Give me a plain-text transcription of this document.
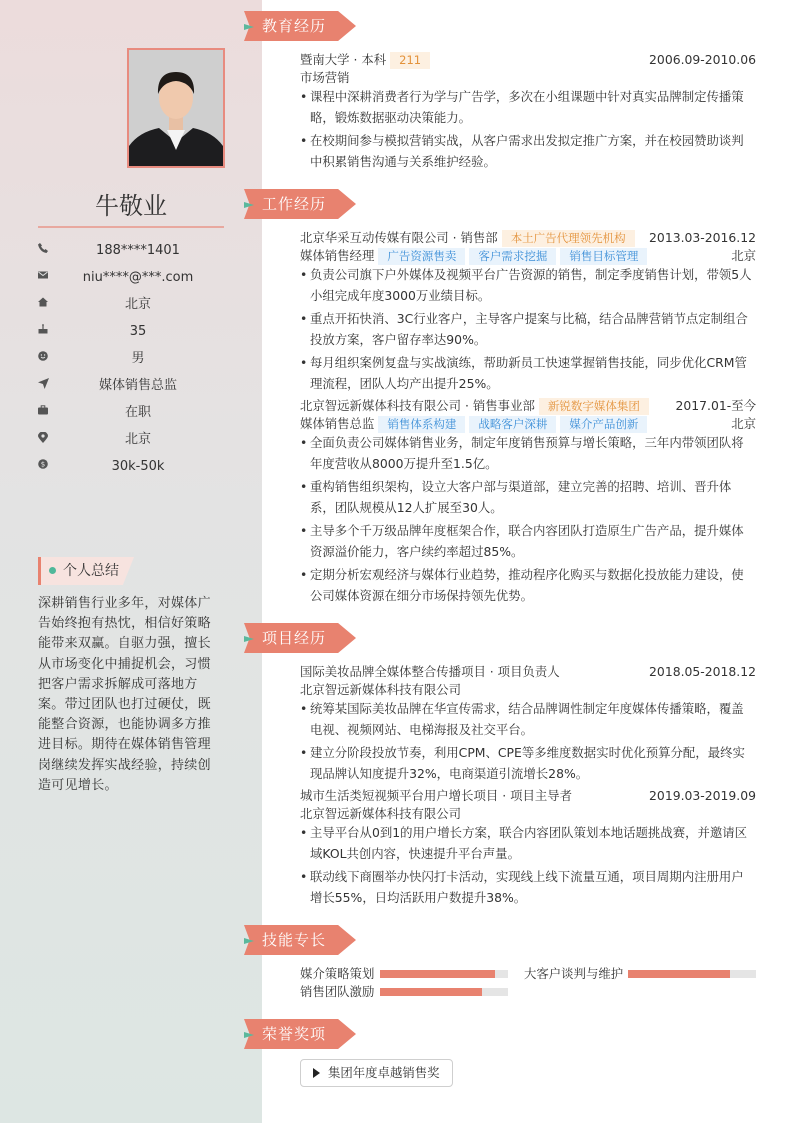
牛敬业
188****1401
niu****@***.com
北京
35
男
媒体销售总监
在职
北京
$	30k-50k
个人总结
深耕销售行业多年，对媒体广告始终抱有热忱，相信好策略能带来双赢。自驱力强，擅长从市场变化中捕捉机会，习惯把客户需求拆解成可落地方案。带过团队也打过硬仗，既能整合资源，也能协调多方推进目标。期待在媒体销售管理岗继续发挥实战经验，持续创造可见增长。
教育经历
暨南大学 · 本科 211	2006.09-2010.06
市场营销
• 课程中深耕消费者行为学与广告学，多次在小组课题中针对真实品牌制定传播策略，锻炼数据驱动决策能力。
• 在校期间参与模拟营销实战，从客户需求出发拟定推广方案，并在校园赞助谈判中积累销售沟通与关系维护经验。
工作经历
北京华采互动传媒有限公司 · 销售部 本土广告代理领先机构 2013.03-2016.12
媒体销售经理 广告资源售卖 客户需求挖掘 销售目标管理	北京
• 负责公司旗下户外媒体及视频平台广告资源的销售，制定季度销售计划，带领5人小组完成年度3000万业绩目标。
• 重点开拓快消、3C行业客户，主导客户提案与比稿，结合品牌营销节点定制组合投放方案，客户留存率达90%。
• 每月组织案例复盘与实战演练，帮助新员工快速掌握销售技能，同步优化CRM管理流程，团队人均产出提升25%。
北京智远新媒体科技有限公司 · 销售事业部 新锐数字媒体集团	2017.01-至今
媒体销售总监 销售体系构建 战略客户深耕 媒介产品创新	北京
• 全面负责公司媒体销售业务，制定年度销售预算与增长策略，三年内带领团队将年度营收从8000万提升至1.5亿。
• 重构销售组织架构，设立大客户部与渠道部，建立完善的招聘、培训、晋升体系，团队规模从12人扩展至30人。
• 主导多个千万级品牌年度框架合作，联合内容团队打造原生广告产品，提升媒体资源溢价能力，客户续约率超过85%。
• 定期分析宏观经济与媒体行业趋势，推动程序化购买与数据化投放能力建设，使公司媒体资源在细分市场保持领先优势。
项目经历
国际美妆品牌全媒体整合传播项目 · 项目负责人	2018.05-2018.12
北京智远新媒体科技有限公司
• 统筹某国际美妆品牌在华宣传需求，结合品牌调性制定年度媒体传播策略，覆盖电视、视频网站、电梯海报及社交平台。
• 建立分阶段投放节奏，利用CPM、CPE等多维度数据实时优化预算分配，最终实现品牌认知度提升32%，电商渠道引流增长28%。
城市生活类短视频平台用户增长项目 · 项目主导者	2019.03-2019.09
北京智远新媒体科技有限公司
• 主导平台从0到1的用户增长方案，联合内容团队策划本地话题挑战赛，并邀请区域KOL共创内容，快速提升平台声量。
• 联动线下商圈举办快闪打卡活动，实现线上线下流量互通，项目周期内注册用户增长55%，日均活跃用户数提升38%。
技能专长
媒介策略策划	大客户谈判与维护
销售团队激励
荣誉奖项
集团年度卓越销售奖
